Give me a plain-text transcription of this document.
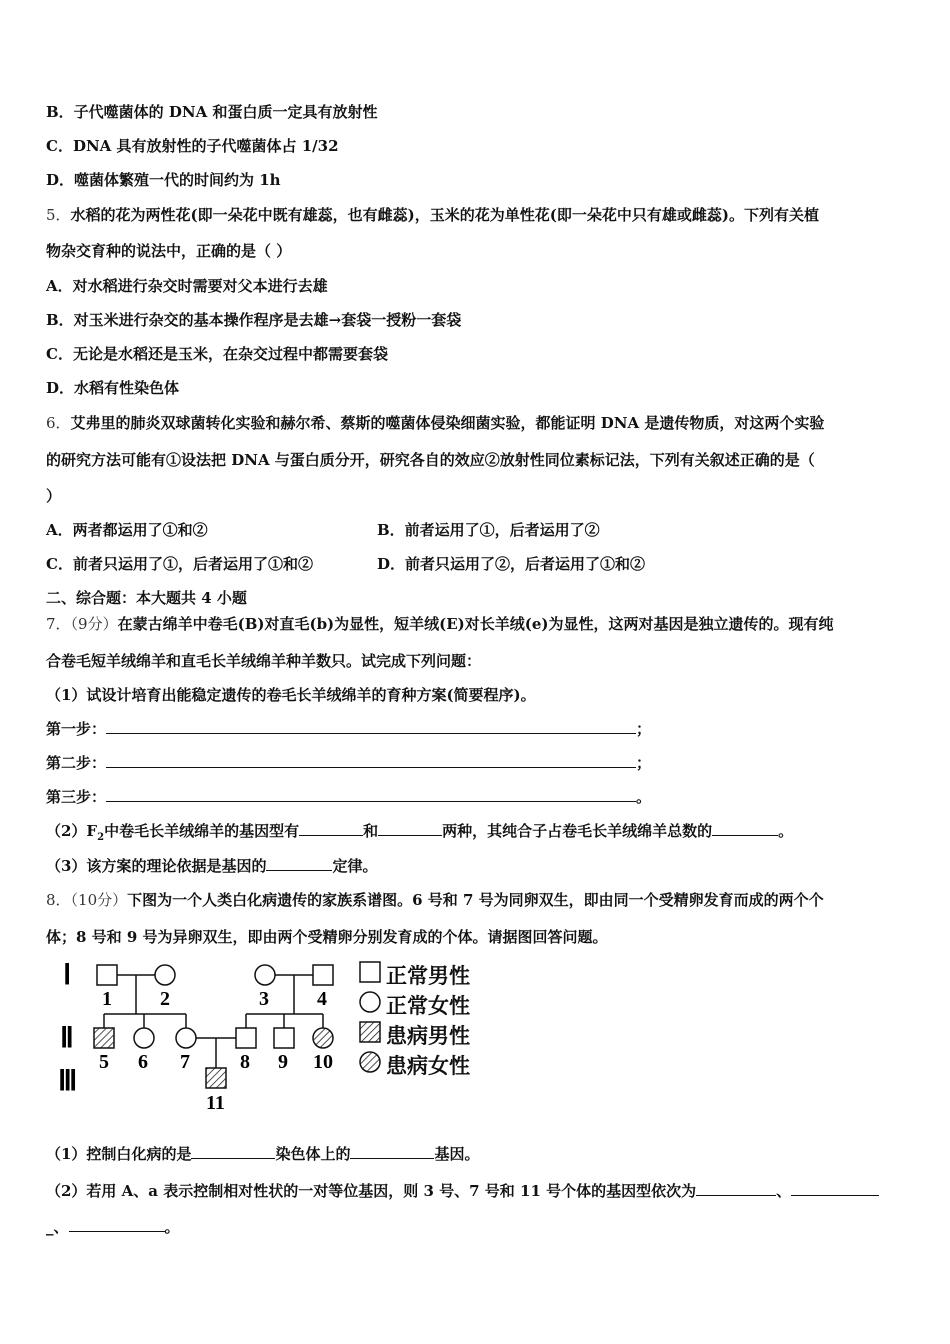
B．子代噬菌体的 DNA 和蛋白质一定具有放射性
C．DNA 具有放射性的子代噬菌体占 1/32
D．噬菌体繁殖一代的时间约为 1h
5．水稻的花为两性花(即一朵花中既有雄蕊，也有雌蕊)，玉米的花为单性花(即一朵花中只有雄或雌蕊)。下列有关植
物杂交育种的说法中，正确的是（ ）
A．对水稻进行杂交时需要对父本进行去雄
B．对玉米进行杂交的基本操作程序是去雄→套袋一授粉一套袋
C．无论是水稻还是玉米，在杂交过程中都需要套袋
D．水稻有性染色体
6．艾弗里的肺炎双球菌转化实验和赫尔希、蔡斯的噬菌体侵染细菌实验，都能证明 DNA 是遗传物质，对这两个实验
的研究方法可能有①设法把 DNA 与蛋白质分开，研究各自的效应②放射性同位素标记法，下列有关叙述正确的是（
）
A．两者都运用了①和②	B．前者运用了①，后者运用了②
C．前者只运用了①，后者运用了①和②	D．前者只运用了②，后者运用了①和②
二、综合题：本大题共 4 小题
7．（9分）在蒙古绵羊中卷毛(B)对直毛(b)为显性，短羊绒(E)对长羊绒(e)为显性，这两对基因是独立遗传的。现有纯
合卷毛短羊绒绵羊和直毛长羊绒绵羊种羊数只。试完成下列问题：
（1）试设计培育出能稳定遗传的卷毛长羊绒绵羊的育种方案(简要程序)。
第一步：	；
第二步：	；
第三步：	。
$(2)F_2$中卷毛长羊绒绵羊的基因型有	和	两种，其纯合子占卷毛长羊绒绵羊总数的	。
（3）该方案的理论依据是基因的	定律。
8．（10分）下图为一个人类白化病遗传的家族系谱图。6 号和 7 号为同卵双生，即由同一个受精卵发育而成的两个个
体；8 号和 9 号为异卵双生，即由两个受精卵分别发育成的个体。请据图回答问题。
Ⅰ
Ⅱ
Ⅲ
1 2	3 4
5 6 7	8 9 10
11
正常男性
正常女性
患病男性
患病女性
（1）控制白化病的是	染色体上的	基因。
（2）若用 A、a 表示控制相对性状的一对等位基因，则 3 号、7 号和 11 号个体的基因型依次为	、
_、	。
